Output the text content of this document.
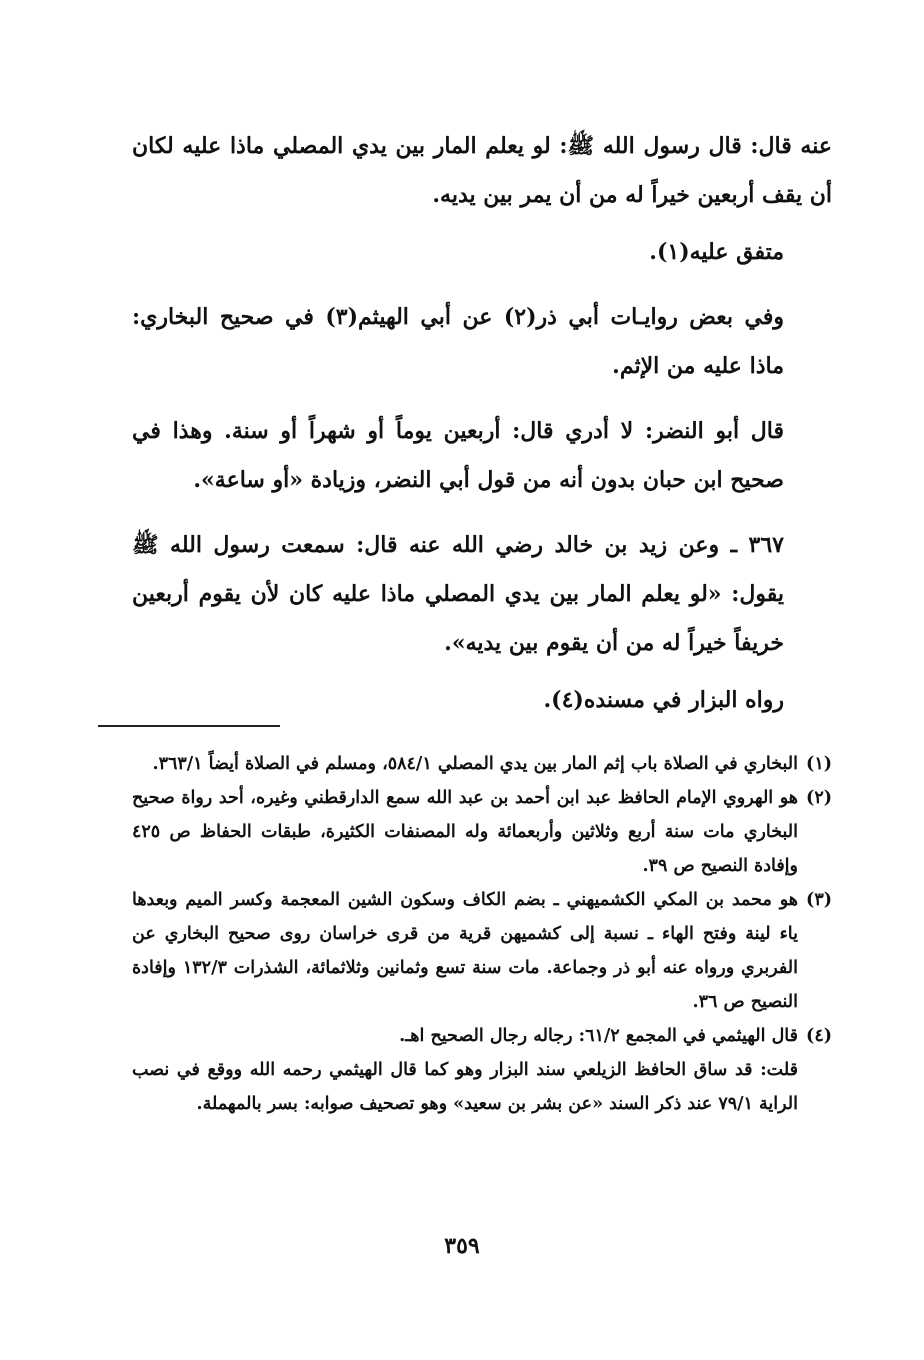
عنه قال: قال رسول الله ﷺ: لو يعلم المار بين يدي المصلي ماذا عليه لكان أن يقف أربعين خيراً له من أن يمر بين يديه.

متفق عليه(١).

وفي بعض روايـات أبي ذر(٢) عن أبي الهيثم(٣) في صحيح البخاري: ماذا عليه من الإثم.

قال أبو النضر: لا أدري قال: أربعين يوماً أو شهراً أو سنة. وهذا في صحيح ابن حبان بدون أنه من قول أبي النضر، وزيادة «أو ساعة».

٣٦٧ ـ وعن زيد بن خالد رضي الله عنه قال: سمعت رسول الله ﷺ يقول: «لو يعلم المار بين يدي المصلي ماذا عليه كان لأن يقوم أربعين خريفاً خيراً له من أن يقوم بين يديه».

رواه البزار في مسنده(٤).

(١)
البخاري في الصلاة باب إثم المار بين يدي المصلي ٥٨٤/١، ومسلم في الصلاة أيضاً ٣٦٣/١.
(٢)
هو الهروي الإمام الحافظ عبد ابن أحمد بن عبد الله سمع الدارقطني وغيره، أحد رواة صحيح البخاري مات سنة أربع وثلاثين وأربعمائة وله المصنفات الكثيرة، طبقات الحفاظ ص ٤٢٥ وإفادة النصيح ص ٣٩.
(٣)
هو محمد بن المكي الكشميهني ـ بضم الكاف وسكون الشين المعجمة وكسر الميم وبعدها ياء لينة وفتح الهاء ـ نسبة إلى كشميهن قرية من قرى خراسان روى صحيح البخاري عن الفربري ورواه عنه أبو ذر وجماعة. مات سنة تسع وثمانين وثلاثمائة، الشذرات ١٣٢/٣ وإفادة النصيح ص ٣٦.
(٤)
قال الهيثمي في المجمع ٦١/٢: رجاله رجال الصحيح اهـ.
قلت: قد ساق الحافظ الزيلعي سند البزار وهو كما قال الهيثمي رحمه الله ووقع في نصب الراية ٧٩/١ عند ذكر السند «عن بشر بن سعيد» وهو تصحيف صوابه: بسر بالمهملة.
٣٥٩
